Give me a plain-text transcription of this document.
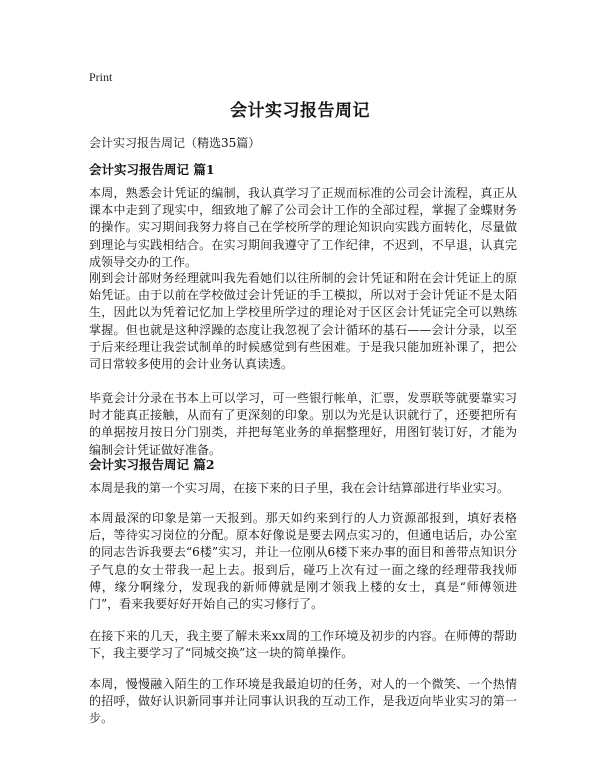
Print
会计实习报告周记
会计实习报告周记（精选35篇）
会计实习报告周记 篇1

本周，熟悉会计凭证的编制，我认真学习了正规而标准的公司会计流程，真正从课本中走到了现实中，细致地了解了公司会计工作的全部过程，掌握了金蝶财务的操作。实习期间我努力将自己在学校所学的理论知识向实践方面转化，尽量做到理论与实践相结合。在实习期间我遵守了工作纪律，不迟到，不早退，认真完成领导交办的工作。

刚到会计部财务经理就叫我先看她们以往所制的会计凭证和附在会计凭证上的原始凭证。由于以前在学校做过会计凭证的手工模拟，所以对于会计凭证不是太陌生，因此以为凭着记忆加上学校里所学过的理论对于区区会计凭证完全可以熟练掌握。但也就是这种浮躁的态度让我忽视了会计循环的基石——会计分录，以至于后来经理让我尝试制单的时候感觉到有些困难。于是我只能加班补课了，把公司日常较多使用的会计业务认真读透。

毕竟会计分录在书本上可以学习，可一些银行帐单，汇票，发票联等就要靠实习时才能真正接触，从而有了更深刻的印象。别以为光是认识就行了，还要把所有的单据按月按日分门别类，并把每笔业务的单据整理好，用图钉装订好，才能为编制会计凭证做好准备。

会计实习报告周记 篇2

本周是我的第一个实习周，在接下来的日子里，我在会计结算部进行毕业实习。

本周最深的印象是第一天报到。那天如约来到行的人力资源部报到，填好表格后，等待实习岗位的分配。原本好像说是要去网点实习的，但通电话后，办公室的同志告诉我要去“6楼”实习，并让一位刚从6楼下来办事的面目和善带点知识分子气息的女士带我一起上去。报到后，碰巧上次有过一面之缘的经理带我找师傅，缘分啊缘分，发现我的新师傅就是刚才领我上楼的女士，真是“师傅领进门”，看来我要好好开始自己的实习修行了。

在接下来的几天，我主要了解未来xx周的工作环境及初步的内容。在师傅的帮助下，我主要学习了“同城交换”这一块的简单操作。

本周，慢慢融入陌生的工作环境是我最迫切的任务，对人的一个微笑、一个热情的招呼，做好认识新同事并让同事认识我的互动工作，是我迈向毕业实习的第一步。
